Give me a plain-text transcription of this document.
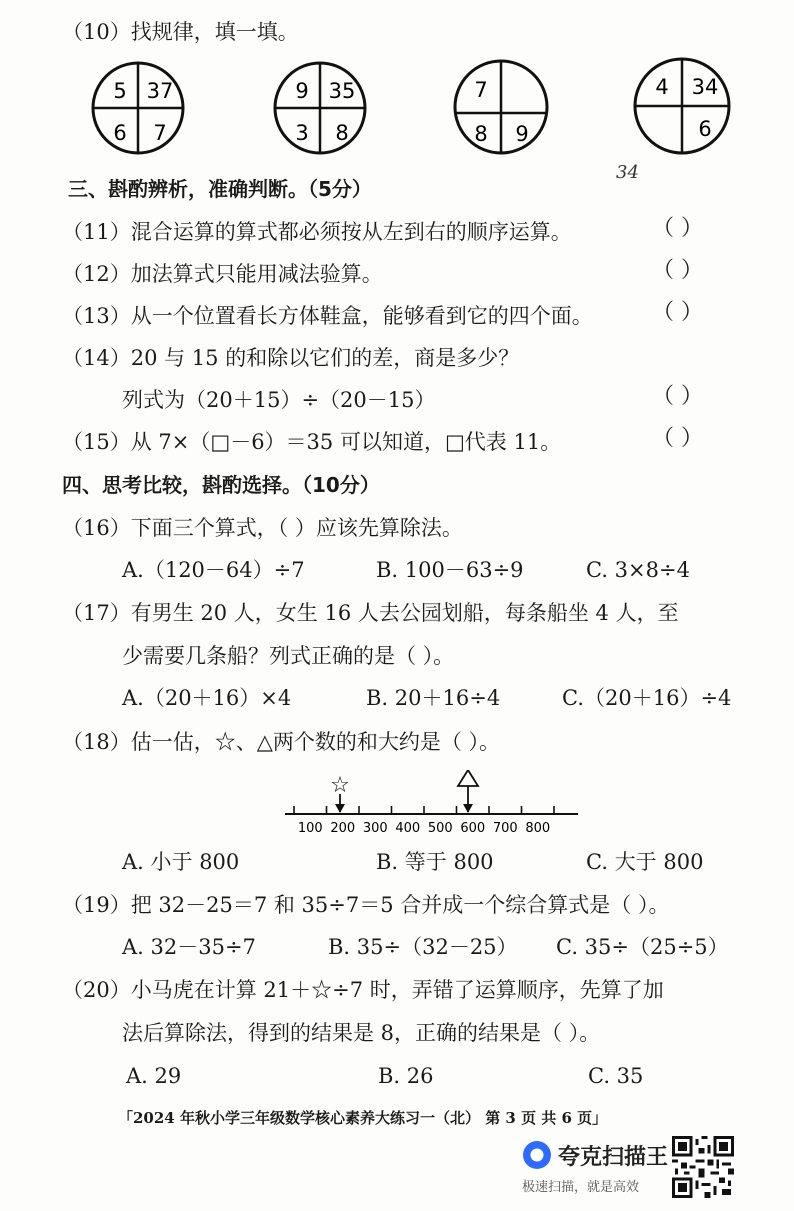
（10）找规律，填一填。
5 37
6 7
9 35
3 8
7
8 9
4 34
6
34
三、斟酌辨析，准确判断。（5分）
（11）混合运算的算式都必须按从左到右的顺序运算。	（ ）
（12）加法算式只能用减法验算。	（ ）
（13）从一个位置看长方体鞋盒，能够看到它的四个面。	（ ）
（14）20 与 15 的和除以它们的差，商是多少？
列式为（20＋15）÷（20－15）	（ ）
（15）从 7×（□－6）＝35 可以知道，□代表 11。	（ ）
四、思考比较，斟酌选择。（10分）
（16）下面三个算式，（ ）应该先算除法。
A.（120－64）÷7	B. 100－63÷9	C. 3×8÷4
（17）有男生 20 人，女生 16 人去公园划船，每条船坐 4 人，至
少需要几条船？列式正确的是（ ）。
A.（20＋16）×4	B. 20＋16÷4	C.（20＋16）÷4
（18）估一估，☆、△两个数的和大约是（ ）。
100 200 300 400 500 600 700 800
☆
A. 小于 800	B. 等于 800	C. 大于 800
（19）把 32－25＝7 和 35÷7＝5 合并成一个综合算式是（ ）。
A. 32－35÷7	B. 35÷（32－25） C. 35÷（25÷5）
（20）小马虎在计算 21＋☆÷7 时，弄错了运算顺序，先算了加
法后算除法，得到的结果是 8，正确的结果是（ ）。
A. 29	B. 26	C. 35
「2024 年秋小学三年级数学核心素养大练习一（北） 第 3 页 共 6 页」
夸克扫描王
极速扫描，就是高效
